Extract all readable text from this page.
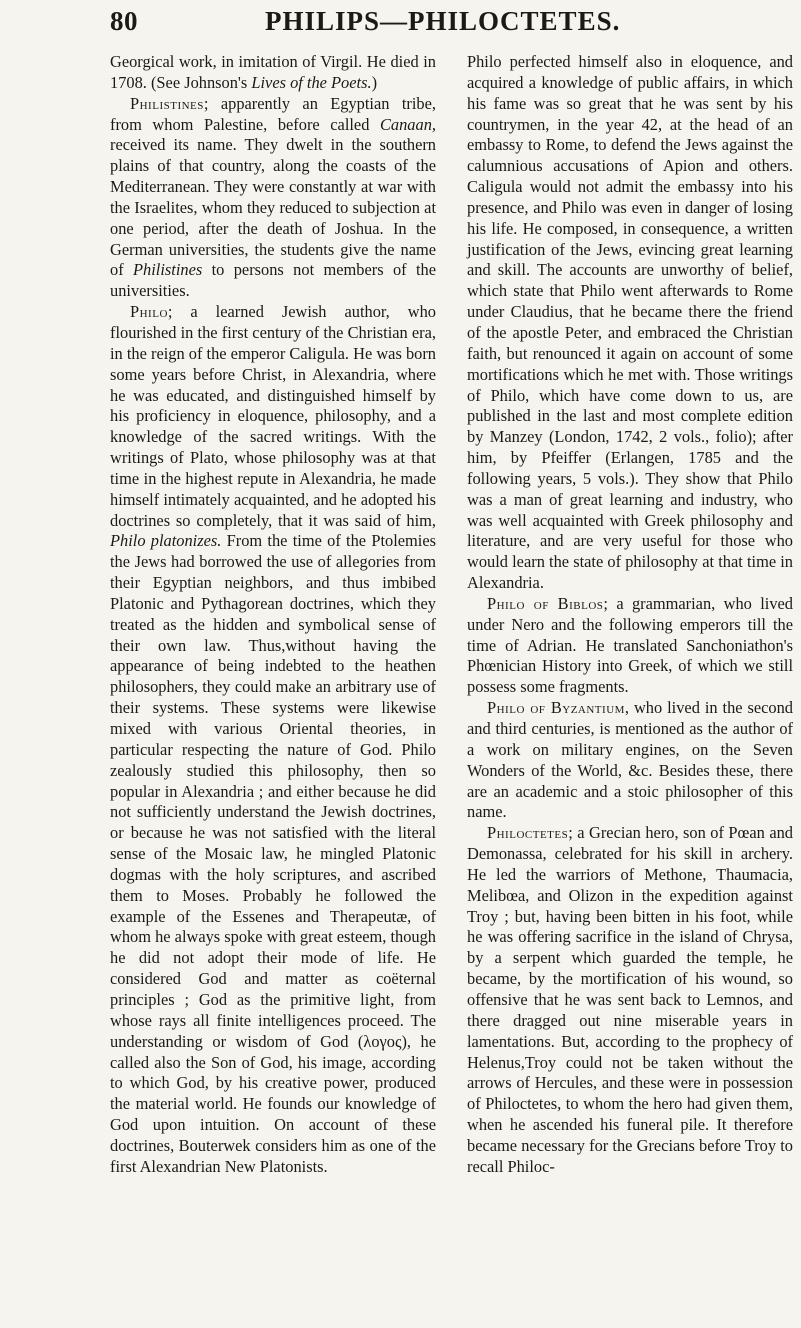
80	PHILIPS—PHILOCTETES.

Georgical work, in imitation of Virgil. He died in 1708. (See Johnson's Lives of the Poets.)

Philistines; apparently an Egyptian tribe, from whom Palestine, before called Canaan, received its name. They dwelt in the southern plains of that country, along the coasts of the Mediterranean. They were constantly at war with the Israelites, whom they reduced to subjection at one period, after the death of Joshua. In the German universities, the students give the name of Philistines to persons not members of the universities.

Philo; a learned Jewish author, who flourished in the first century of the Christian era, in the reign of the emperor Caligula. He was born some years before Christ, in Alexandria, where he was educated, and distinguished himself by his proficiency in eloquence, philosophy, and a knowledge of the sacred writings. With the writings of Plato, whose philosophy was at that time in the highest repute in Alexandria, he made himself intimately acquainted, and he adopted his doctrines so completely, that it was said of him, Philo platonizes. From the time of the Ptolemies the Jews had borrowed the use of allegories from their Egyptian neighbors, and thus imbibed Platonic and Pythagorean doctrines, which they treated as the hidden and symbolical sense of their own law. Thus,without having the appearance of being indebted to the heathen philosophers, they could make an arbitrary use of their systems. These systems were likewise mixed with various Oriental theories, in particular respecting the nature of God. Philo zealously studied this philosophy, then so popular in Alexandria ; and either because he did not sufficiently understand the Jewish doctrines, or because he was not satisfied with the literal sense of the Mosaic law, he mingled Platonic dogmas with the holy scriptures, and ascribed them to Moses. Probably he followed the example of the Essenes and Therapeutæ, of whom he always spoke with great esteem, though he did not adopt their mode of life. He considered God and matter as coëternal principles ; God as the primitive light, from whose rays all finite intelligences proceed. The understanding or wisdom of God (λογος), he called also the Son of God, his image, according to which God, by his creative power, produced the material world. He founds our knowledge of God upon intuition. On account of these doctrines, Bouterwek considers him as one of the first Alexandrian New Platonists.

Philo perfected himself also in eloquence, and acquired a knowledge of public affairs, in which his fame was so great that he was sent by his countrymen, in the year 42, at the head of an embassy to Rome, to defend the Jews against the calumnious accusations of Apion and others. Caligula would not admit the embassy into his presence, and Philo was even in danger of losing his life. He composed, in consequence, a written justification of the Jews, evincing great learning and skill. The accounts are unworthy of belief, which state that Philo went afterwards to Rome under Claudius, that he became there the friend of the apostle Peter, and embraced the Christian faith, but renounced it again on account of some mortifications which he met with. Those writings of Philo, which have come down to us, are published in the last and most complete edition by Manzey (London, 1742, 2 vols., folio); after him, by Pfeiffer (Erlangen, 1785 and the following years, 5 vols.). They show that Philo was a man of great learning and industry, who was well acquainted with Greek philosophy and literature, and are very useful for those who would learn the state of philosophy at that time in Alexandria.

Philo of Biblos; a grammarian, who lived under Nero and the following emperors till the time of Adrian. He translated Sanchoniathon's Phœnician History into Greek, of which we still possess some fragments.

Philo of Byzantium, who lived in the second and third centuries, is mentioned as the author of a work on military engines, on the Seven Wonders of the World, &c. Besides these, there are an academic and a stoic philosopher of this name.

Philoctetes; a Grecian hero, son of Pœan and Demonassa, celebrated for his skill in archery. He led the warriors of Methone, Thaumacia, Melibœa, and Olizon in the expedition against Troy ; but, having been bitten in his foot, while he was offering sacrifice in the island of Chrysa, by a serpent which guarded the temple, he became, by the mortification of his wound, so offensive that he was sent back to Lemnos, and there dragged out nine miserable years in lamentations. But, according to the prophecy of Helenus,Troy could not be taken without the arrows of Hercules, and these were in possession of Philoctetes, to whom the hero had given them, when he ascended his funeral pile. It therefore became necessary for the Grecians before Troy to recall Philoc-
